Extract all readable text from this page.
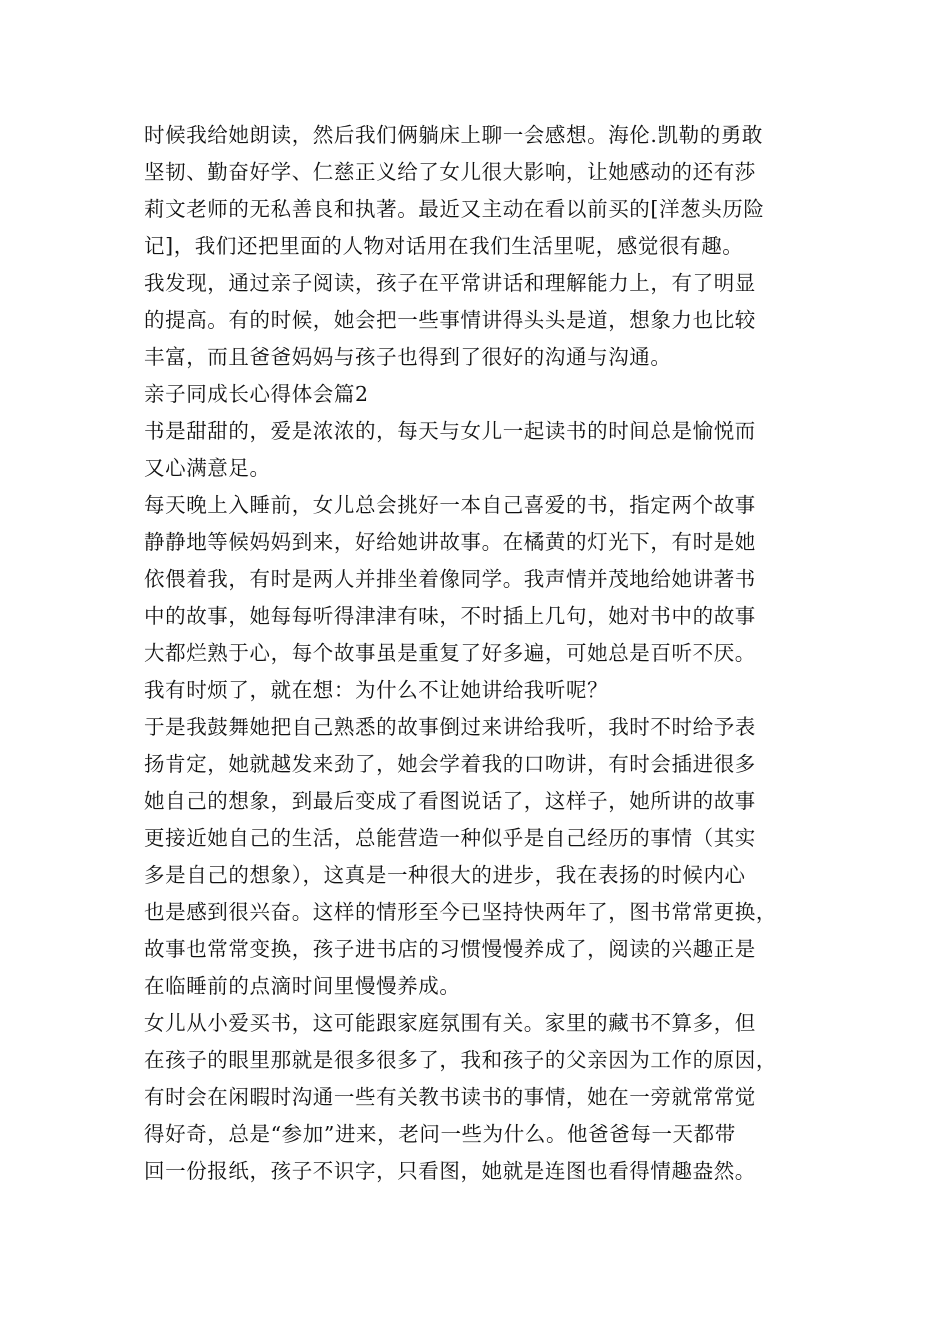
时候我给她朗读，然后我们俩躺床上聊一会感想。海伦.凯勒的勇敢
坚韧、勤奋好学、仁慈正义给了女儿很大影响，让她感动的还有莎
莉文老师的无私善良和执著。最近又主动在看以前买的[洋葱头历险
记]，我们还把里面的人物对话用在我们生活里呢，感觉很有趣。
我发现，通过亲子阅读，孩子在平常讲话和理解能力上，有了明显
的提高。有的时候，她会把一些事情讲得头头是道，想象力也比较
丰富，而且爸爸妈妈与孩子也得到了很好的沟通与沟通。
亲子同成长心得体会篇2
书是甜甜的，爱是浓浓的，每天与女儿一起读书的时间总是愉悦而
又心满意足。
每天晚上入睡前，女儿总会挑好一本自己喜爱的书，指定两个故事
静静地等候妈妈到来，好给她讲故事。在橘黄的灯光下，有时是她
依偎着我，有时是两人并排坐着像同学。我声情并茂地给她讲著书
中的故事，她每每听得津津有味，不时插上几句，她对书中的故事
大都烂熟于心，每个故事虽是重复了好多遍，可她总是百听不厌。
我有时烦了，就在想：为什么不让她讲给我听呢？
于是我鼓舞她把自己熟悉的故事倒过来讲给我听，我时不时给予表
扬肯定，她就越发来劲了，她会学着我的口吻讲，有时会插进很多
她自己的想象，到最后变成了看图说话了，这样子，她所讲的故事
更接近她自己的生活，总能营造一种似乎是自己经历的事情（其实
多是自己的想象），这真是一种很大的进步，我在表扬的时候内心
也是感到很兴奋。这样的情形至今已坚持快两年了，图书常常更换，
故事也常常变换，孩子进书店的习惯慢慢养成了，阅读的兴趣正是
在临睡前的点滴时间里慢慢养成。
女儿从小爱买书，这可能跟家庭氛围有关。家里的藏书不算多，但
在孩子的眼里那就是很多很多了，我和孩子的父亲因为工作的原因，
有时会在闲暇时沟通一些有关教书读书的事情，她在一旁就常常觉
得好奇，总是“参加”进来，老问一些为什么。他爸爸每一天都带
回一份报纸，孩子不识字，只看图，她就是连图也看得情趣盎然。
